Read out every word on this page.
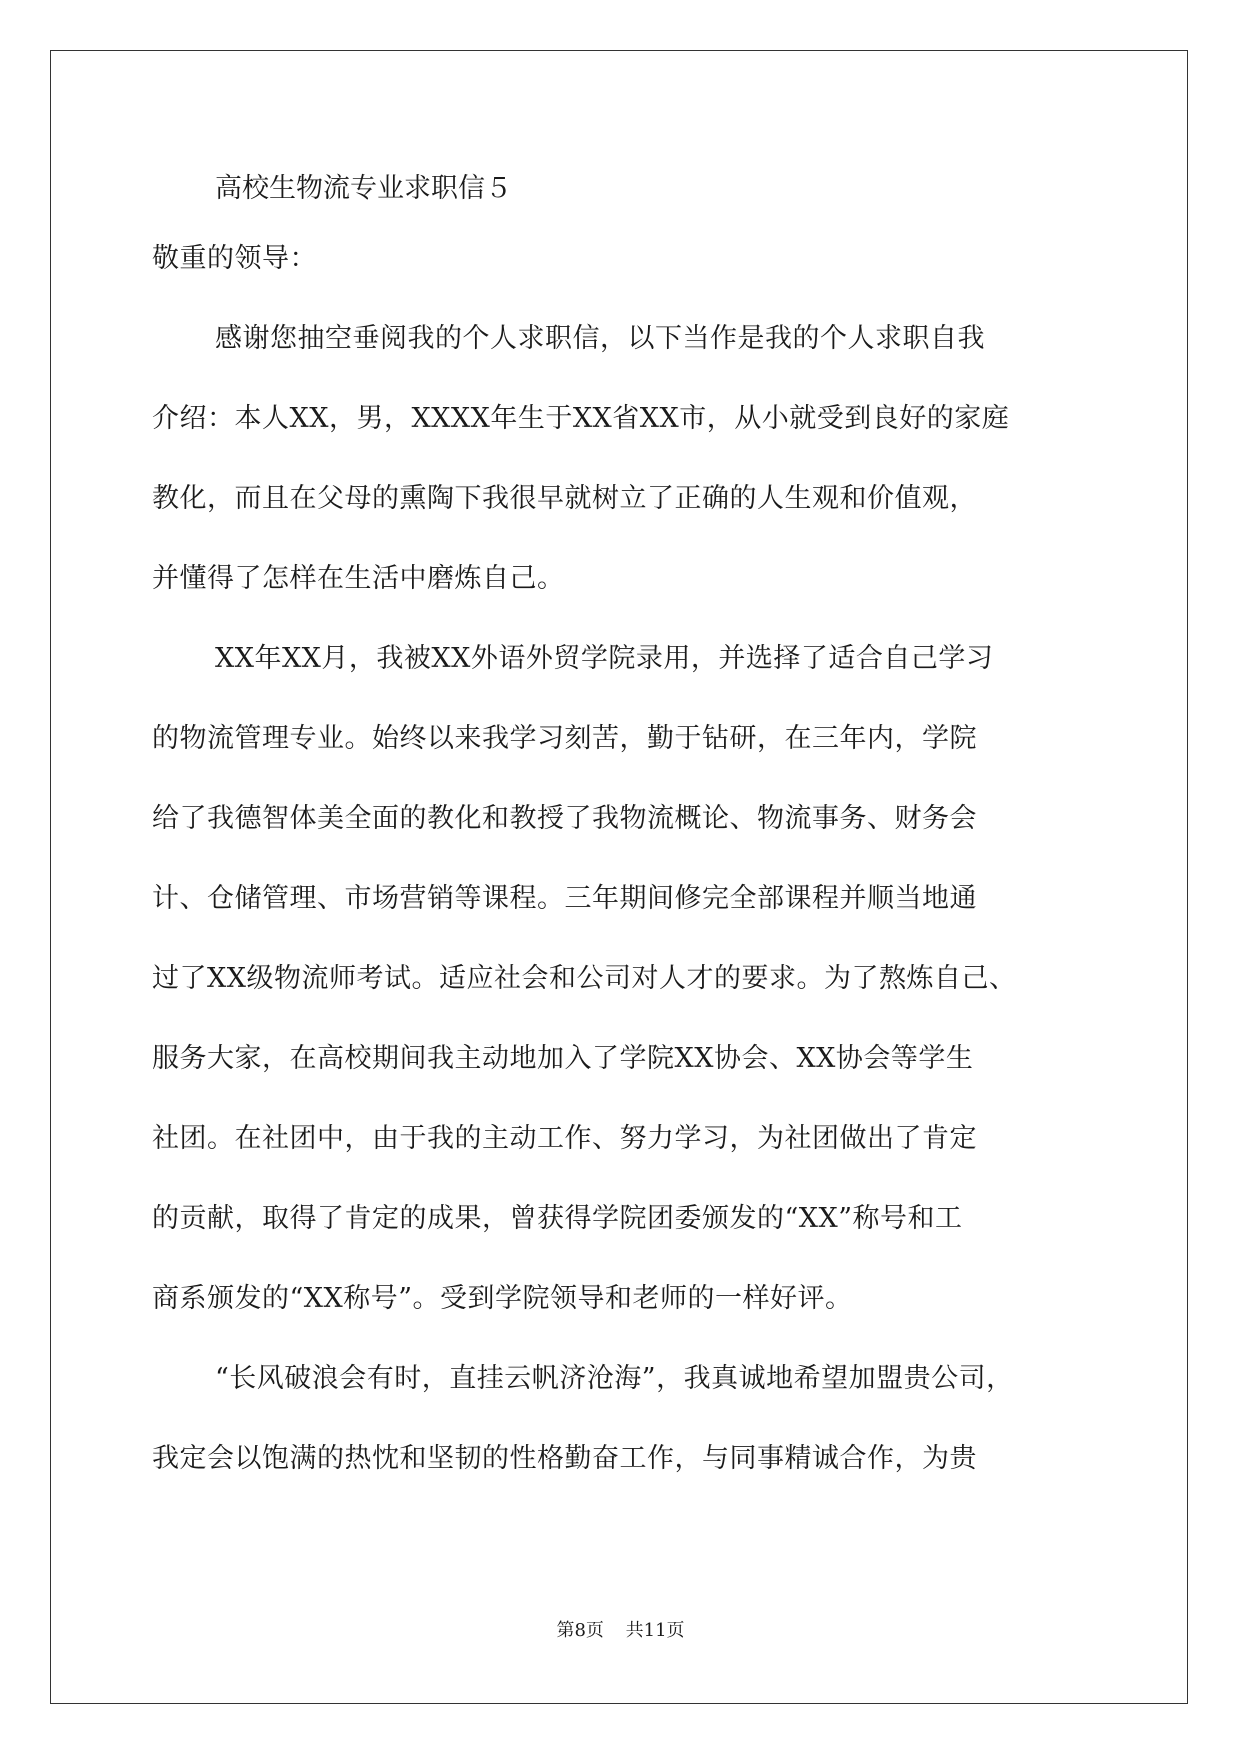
高校生物流专业求职信５
敬重的领导：
感谢您抽空垂阅我的个人求职信，以下当作是我的个人求职自我
介绍：本人XX，男，XXXX年生于XX省XX市，从小就受到良好的家庭
教化，而且在父母的熏陶下我很早就树立了正确的人生观和价值观，
并懂得了怎样在生活中磨炼自己。
XX年XX月，我被XX外语外贸学院录用，并选择了适合自己学习
的物流管理专业。始终以来我学习刻苦，勤于钻研，在三年内，学院
给了我德智体美全面的教化和教授了我物流概论、物流事务、财务会
计、仓储管理、市场营销等课程。三年期间修完全部课程并顺当地通
过了XX级物流师考试。适应社会和公司对人才的要求。为了熬炼自己、
服务大家，在高校期间我主动地加入了学院XX协会、XX协会等学生
社团。在社团中，由于我的主动工作、努力学习，为社团做出了肯定
的贡献，取得了肯定的成果，曾获得学院团委颁发的“XX”称号和工
商系颁发的“XX称号”。受到学院领导和老师的一样好评。
“长风破浪会有时，直挂云帆济沧海”，我真诚地希望加盟贵公司，
我定会以饱满的热忱和坚韧的性格勤奋工作，与同事精诚合作，为贵
第8页 共11页
